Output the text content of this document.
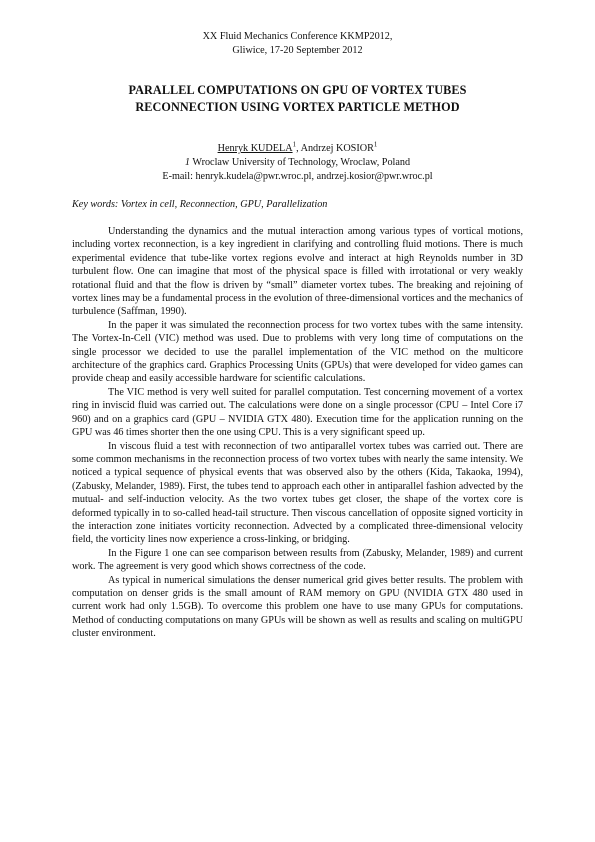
XX Fluid Mechanics Conference KKMP2012,
Gliwice, 17-20 September 2012
PARALLEL COMPUTATIONS ON GPU OF VORTEX TUBES
RECONNECTION USING VORTEX PARTICLE METHOD
Henryk KUDELA$^1$, Andrzej KOSIOR$^1$
1 Wroclaw University of Technology, Wroclaw, Poland
E-mail: henryk.kudela@pwr.wroc.pl, andrzej.kosior@pwr.wroc.pl
Key words: Vortex in cell, Reconnection, GPU, Parallelization

Understanding the dynamics and the mutual interaction among various types of vortical motions, including vortex reconnection, is a key ingredient in clarifying and controlling fluid motions. There is much experimental evidence that tube-like vortex regions evolve and interact at high Reynolds number in 3D turbulent flow. One can imagine that most of the physical space is filled with irrotational or very weakly rotational fluid and that the flow is driven by “small” diameter vortex tubes. The breaking and rejoining of vortex lines may be a fundamental process in the evolution of three-dimensional vortices and the mechanics of turbulence (Saffman, 1990).

In the paper it was simulated the reconnection process for two vortex tubes with the same intensity. The Vortex-In-Cell (VIC) method was used. Due to problems with very long time of computations on the single processor we decided to use the parallel implementation of the VIC method on the multicore architecture of the graphics card. Graphics Processing Units (GPUs) that were developed for video games can provide cheap and easily accessible hardware for scientific calculations.

The VIC method is very well suited for parallel computation. Test concerning movement of a vortex ring in inviscid fluid was carried out. The calculations were done on a single processor (CPU – Intel Core i7 960) and on a graphics card (GPU – NVIDIA GTX 480). Execution time for the application running on the GPU was 46 times shorter then the one using CPU. This is a very significant speed up.

In viscous fluid a test with reconnection of two antiparallel vortex tubes was carried out. There are some common mechanisms in the reconnection process of two vortex tubes with nearly the same intensity. We noticed a typical sequence of physical events that was observed also by the others (Kida, Takaoka, 1994), (Zabusky, Melander, 1989). First, the tubes tend to approach each other in antiparallel fashion advected by the mutual- and self-induction velocity. As the two vortex tubes get closer, the shape of the vortex core is deformed typically in to so-called head-tail structure. Then viscous cancellation of opposite signed vorticity in the interaction zone initiates vorticity reconnection. Advected by a complicated three-dimensional velocity field, the vorticity lines now experience a cross-linking, or bridging.

In the Figure 1 one can see comparison between results from (Zabusky, Melander, 1989) and current work. The agreement is very good which shows correctness of the code.

As typical in numerical simulations the denser numerical grid gives better results. The problem with computation on denser grids is the small amount of RAM memory on GPU (NVIDIA GTX 480 used in current work had only 1.5GB). To overcome this problem one have to use many GPUs for computations. Method of conducting computations on many GPUs will be shown as well as results and scaling on multiGPU cluster environment.
